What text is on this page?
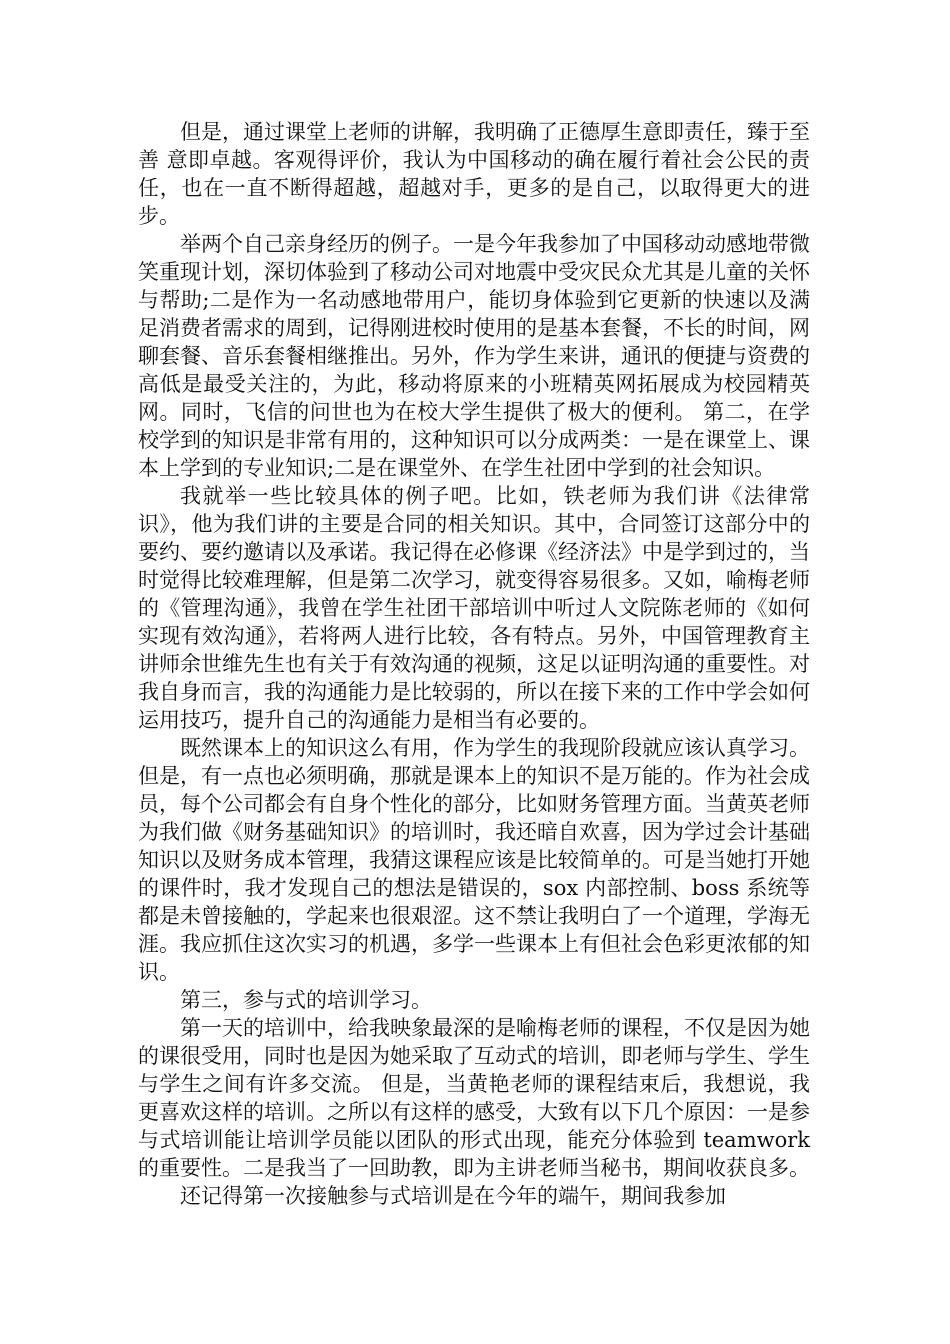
但是，通过课堂上老师的讲解，我明确了正德厚生意即责任，臻于至善 意即卓越。客观得评价，我认为中国移动的确在履行着社会公民的责任，也在一直不断得超越，超越对手，更多的是自己，以取得更大的进步。

举两个自己亲身经历的例子。一是今年我参加了中国移动动感地带微笑重现计划，深切体验到了移动公司对地震中受灾民众尤其是儿童的关怀与帮助;二是作为一名动感地带用户，能切身体验到它更新的快速以及满足消费者需求的周到，记得刚进校时使用的是基本套餐，不长的时间，网聊套餐、音乐套餐相继推出。另外，作为学生来讲，通讯的便捷与资费的高低是最受关注的，为此，移动将原来的小班精英网拓展成为校园精英网。同时，飞信的问世也为在校大学生提供了极大的便利。 第二，在学校学到的知识是非常有用的，这种知识可以分成两类：一是在课堂上、课本上学到的专业知识;二是在课堂外、在学生社团中学到的社会知识。

我就举一些比较具体的例子吧。比如，铁老师为我们讲《法律常识》，他为我们讲的主要是合同的相关知识。其中，合同签订这部分中的要约、要约邀请以及承诺。我记得在必修课《经济法》中是学到过的，当时觉得比较难理解，但是第二次学习，就变得容易很多。又如，喻梅老师的《管理沟通》，我曾在学生社团干部培训中听过人文院陈老师的《如何实现有效沟通》，若将两人进行比较，各有特点。另外，中国管理教育主讲师余世维先生也有关于有效沟通的视频，这足以证明沟通的重要性。对我自身而言，我的沟通能力是比较弱的，所以在接下来的工作中学会如何运用技巧，提升自己的沟通能力是相当有必要的。

既然课本上的知识这么有用，作为学生的我现阶段就应该认真学习。但是，有一点也必须明确，那就是课本上的知识不是万能的。作为社会成员，每个公司都会有自身个性化的部分，比如财务管理方面。当黄英老师为我们做《财务基础知识》的培训时，我还暗自欢喜，因为学过会计基础知识以及财务成本管理，我猜这课程应该是比较简单的。可是当她打开她的课件时，我才发现自己的想法是错误的，sox 内部控制、boss 系统等都是未曾接触的，学起来也很艰涩。这不禁让我明白了一个道理，学海无涯。我应抓住这次实习的机遇，多学一些课本上有但社会色彩更浓郁的知识。

第三，参与式的培训学习。

第一天的培训中，给我映象最深的是喻梅老师的课程，不仅是因为她的课很受用，同时也是因为她采取了互动式的培训，即老师与学生、学生与学生之间有许多交流。 但是，当黄艳老师的课程结束后，我想说，我更喜欢这样的培训。之所以有这样的感受，大致有以下几个原因：一是参与式培训能让培训学员能以团队的形式出现，能充分体验到 teamwork 的重要性。二是我当了一回助教，即为主讲老师当秘书，期间收获良多。

还记得第一次接触参与式培训是在今年的端午，期间我参加
